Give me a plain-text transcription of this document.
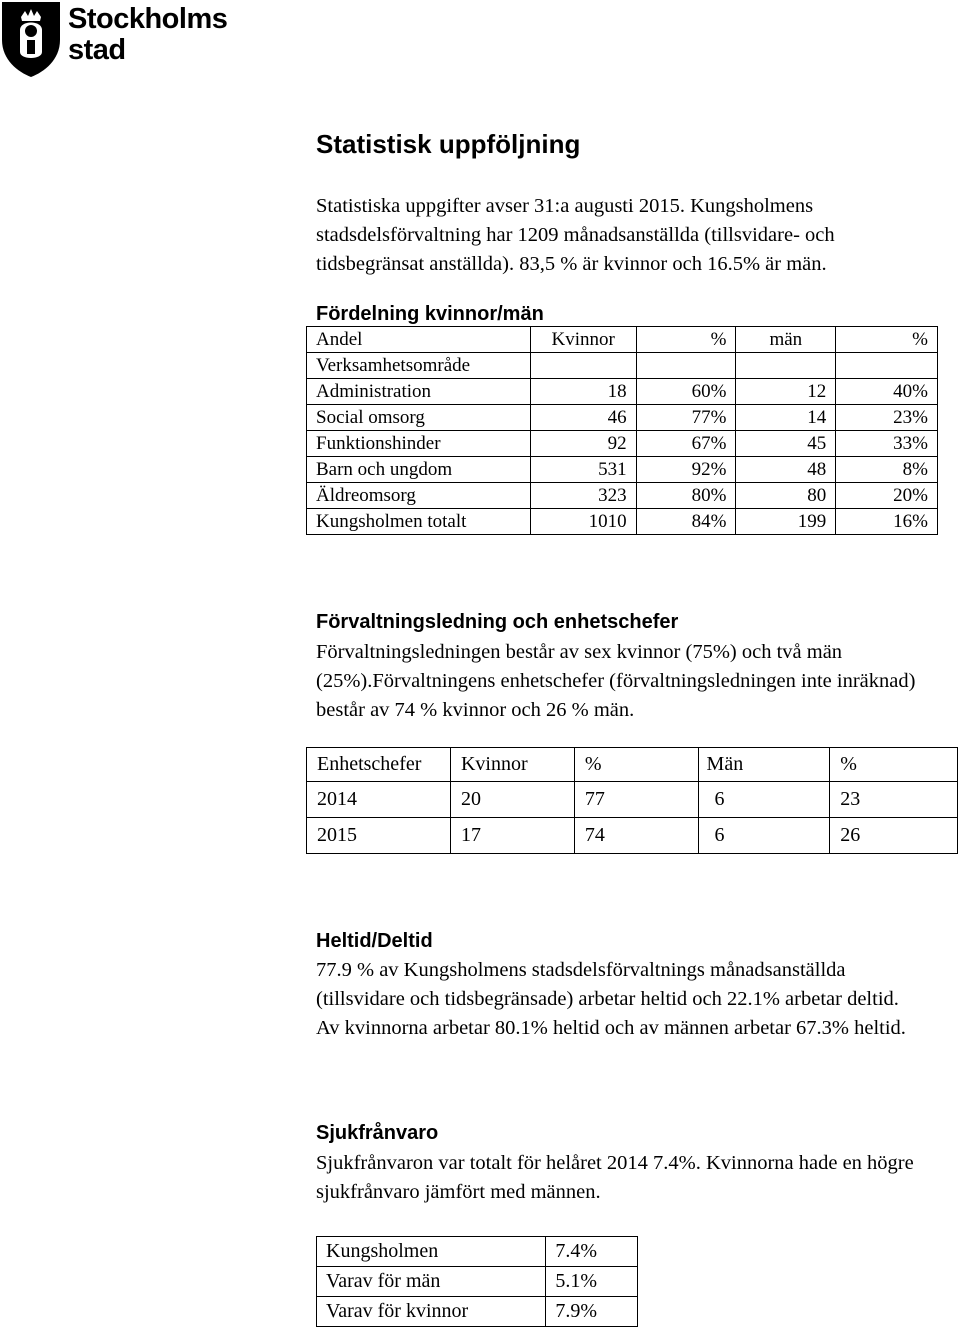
Stockholms
stad
Statistisk uppföljning

Statistiska uppgifter avser 31:a augusti 2015. Kungsholmens stadsdelsförvaltning har 1209 månadsanställda (tillsvidare- och tidsbegränsat anställda). 83,5 % är kvinnor och 16.5% är män.

Fördelning kvinnor/män
Andel	Kvinnor	%	män	%
Verksamhetsområde				
Administration	18	60%	12	40%
Social omsorg	46	77%	14	23%
Funktionshinder	92	67%	45	33%
Barn och ungdom	531	92%	48	8%
Äldreomsorg	323	80%	80	20%
Kungsholmen totalt	1010	84%	199	16%
Förvaltningsledning och enhetschefer

Förvaltningsledningen består av sex kvinnor (75%) och två män (25%).Förvaltningens enhetschefer (förvaltningsledningen inte inräknad) består av 74 % kvinnor och 26 % män.

Enhetschefer	Kvinnor	%	Män	%
2014	20	77	6	23
2015	17	74	6	26
Heltid/Deltid

77.9 % av Kungsholmens stadsdelsförvaltnings månadsanställda (tillsvidare och tidsbegränsade) arbetar heltid och 22.1% arbetar deltid. Av kvinnorna arbetar 80.1% heltid och av männen arbetar 67.3% heltid.

Sjukfrånvaro

Sjukfrånvaron var totalt för helåret 2014 7.4%. Kvinnorna hade en högre sjukfrånvaro jämfört med männen.

Kungsholmen	7.4%
Varav för män	5.1%
Varav för kvinnor	7.9%
